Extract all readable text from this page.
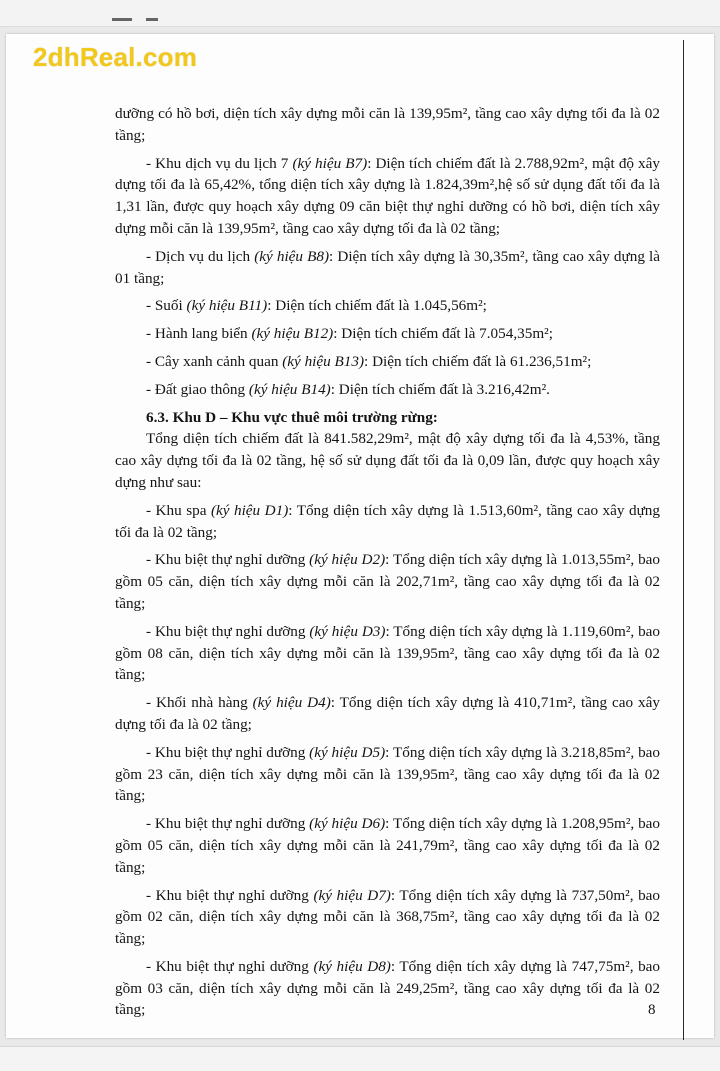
2dhReal.com

dưỡng có hồ bơi, diện tích xây dựng mỗi căn là 139,95m², tầng cao xây dựng tối đa là 02 tầng;

- Khu dịch vụ du lịch 7 (ký hiệu B7): Diện tích chiếm đất là 2.788,92m², mật độ xây dựng tối đa là 65,42%, tổng diện tích xây dựng là 1.824,39m²,hệ số sử dụng đất tối đa là 1,31 lần, được quy hoạch xây dựng 09 căn biệt thự nghỉ dưỡng có hồ bơi, diện tích xây dựng mỗi căn là 139,95m², tầng cao xây dựng tối đa là 02 tầng;

- Dịch vụ du lịch (ký hiệu B8): Diện tích xây dựng là 30,35m², tầng cao xây dựng là 01 tầng;

- Suối (ký hiệu B11): Diện tích chiếm đất là 1.045,56m²;

- Hành lang biển (ký hiệu B12): Diện tích chiếm đất là 7.054,35m²;

- Cây xanh cảnh quan (ký hiệu B13): Diện tích chiếm đất là 61.236,51m²;

- Đất giao thông (ký hiệu B14): Diện tích chiếm đất là 3.216,42m².

6.3. Khu D – Khu vực thuê môi trường rừng:

Tổng diện tích chiếm đất là 841.582,29m², mật độ xây dựng tối đa là 4,53%, tầng cao xây dựng tối đa là 02 tầng, hệ số sử dụng đất tối đa là 0,09 lần, được quy hoạch xây dựng như sau:

- Khu spa (ký hiệu D1): Tổng diện tích xây dựng là 1.513,60m², tầng cao xây dựng tối đa là 02 tầng;

- Khu biệt thự nghỉ dưỡng (ký hiệu D2): Tổng diện tích xây dựng là 1.013,55m², bao gồm 05 căn, diện tích xây dựng mỗi căn là 202,71m², tầng cao xây dựng tối đa là 02 tầng;

- Khu biệt thự nghỉ dưỡng (ký hiệu D3): Tổng diện tích xây dựng là 1.119,60m², bao gồm 08 căn, diện tích xây dựng mỗi căn là 139,95m², tầng cao xây dựng tối đa là 02 tầng;

- Khối nhà hàng (ký hiệu D4): Tổng diện tích xây dựng là 410,71m², tầng cao xây dựng tối đa là 02 tầng;

- Khu biệt thự nghỉ dưỡng (ký hiệu D5): Tổng diện tích xây dựng là 3.218,85m², bao gồm 23 căn, diện tích xây dựng mỗi căn là 139,95m², tầng cao xây dựng tối đa là 02 tầng;

- Khu biệt thự nghỉ dưỡng (ký hiệu D6): Tổng diện tích xây dựng là 1.208,95m², bao gồm 05 căn, diện tích xây dựng mỗi căn là 241,79m², tầng cao xây dựng tối đa là 02 tầng;

- Khu biệt thự nghỉ dưỡng (ký hiệu D7): Tổng diện tích xây dựng là 737,50m², bao gồm 02 căn, diện tích xây dựng mỗi căn là 368,75m², tầng cao xây dựng tối đa là 02 tầng;

- Khu biệt thự nghỉ dưỡng (ký hiệu D8): Tổng diện tích xây dựng là 747,75m², bao gồm 03 căn, diện tích xây dựng mỗi căn là 249,25m², tầng cao xây dựng tối đa là 02 tầng;	8
